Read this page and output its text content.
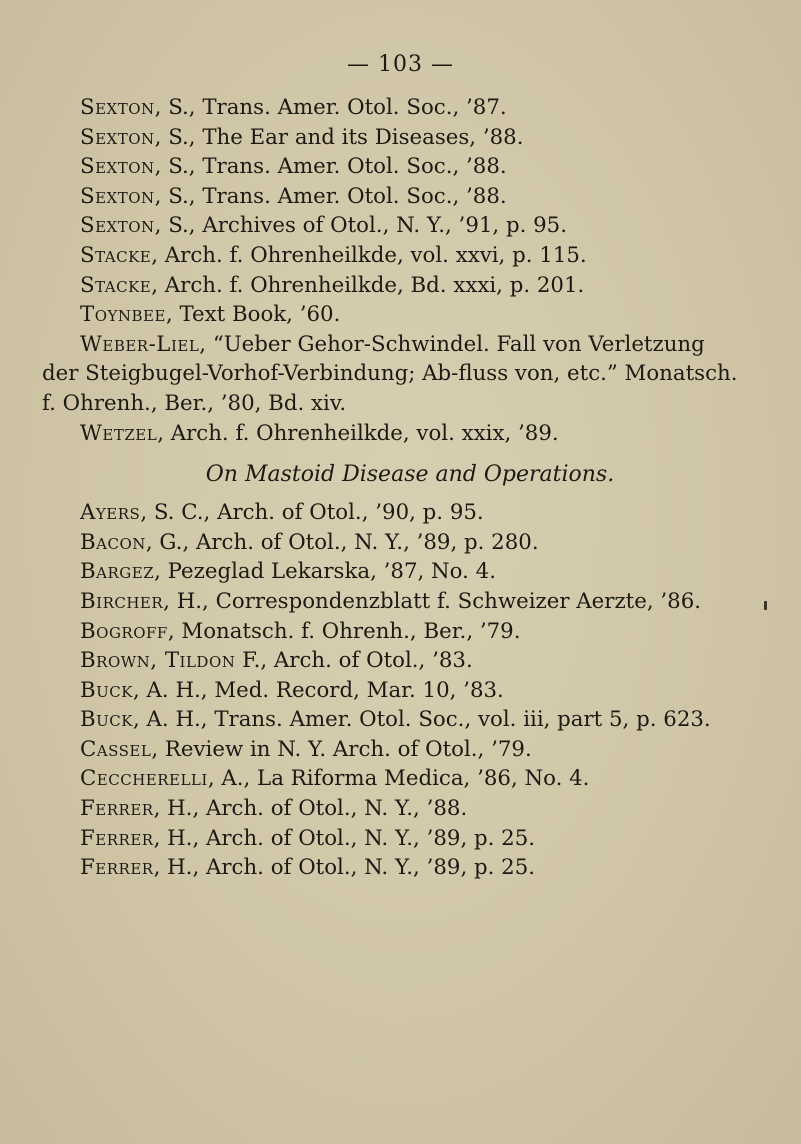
— 103 —

Sexton, S., Trans. Amer. Otol. Soc., ’87.

Sexton, S., The Ear and its Diseases, ’88.

Sexton, S., Trans. Amer. Otol. Soc., ’88.

Sexton, S., Trans. Amer. Otol. Soc., ’88.

Sexton, S., Archives of Otol., N. Y., ’91, p. 95.

Stacke, Arch. f. Ohrenheilkde, vol. xxvi, p. 115.

Stacke, Arch. f. Ohrenheilkde, Bd. xxxi, p. 201.

Toynbee, Text Book, ’60.

Weber-Liel, “Ueber Gehor-Schwindel. Fall von Verletzung der Steigbugel-Vorhof-Verbindung; Ab-fluss von, etc.” Monatsch. f. Ohrenh., Ber., ’80, Bd. xiv.

Wetzel, Arch. f. Ohrenheilkde, vol. xxix, ’89.

On Mastoid Disease and Operations.

Ayers, S. C., Arch. of Otol., ’90, p. 95.

Bacon, G., Arch. of Otol., N. Y., ’89, p. 280.

Bargez, Pezeglad Lekarska, ’87, No. 4.

Bircher, H., Correspondenzblatt f. Schweizer Aerzte, ’86.

Bogroff, Monatsch. f. Ohrenh., Ber., ’79.

Brown, Tildon F., Arch. of Otol., ’83.

Buck, A. H., Med. Record, Mar. 10, ’83.

Buck, A. H., Trans. Amer. Otol. Soc., vol. iii, part 5, p. 623.

Cassel, Review in N. Y. Arch. of Otol., ’79.

Ceccherelli, A., La Riforma Medica, ’86, No. 4.

Ferrer, H., Arch. of Otol., N. Y., ’88.

Ferrer, H., Arch. of Otol., N. Y., ’89, p. 25.

Ferrer, H., Arch. of Otol., N. Y., ’89, p. 25.
